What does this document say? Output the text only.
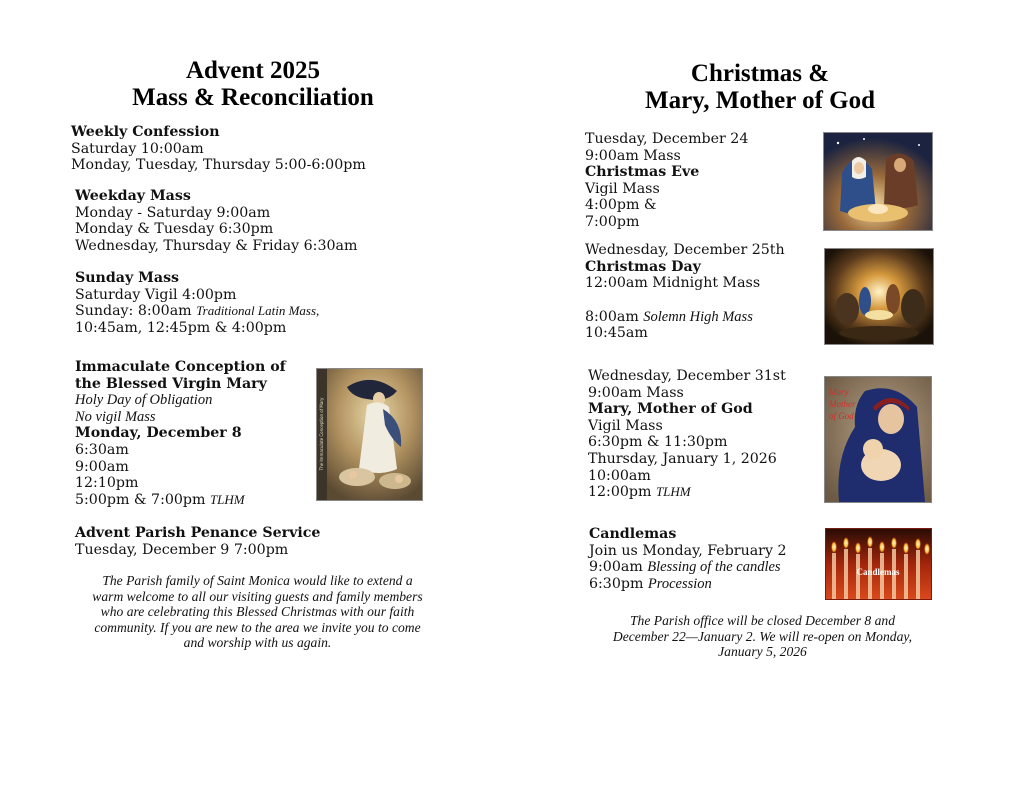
Advent 2025
Mass & Reconciliation
Weekly Confession
Saturday 10:00am
Monday, Tuesday, Thursday 5:00-6:00pm
Weekday Mass
Monday - Saturday 9:00am
Monday & Tuesday 6:30pm
Wednesday, Thursday & Friday 6:30am
Sunday Mass
Saturday Vigil 4:00pm
Sunday: 8:00am Traditional Latin Mass,
10:45am, 12:45pm & 4:00pm
Immaculate Conception of
the Blessed Virgin Mary
Holy Day of Obligation
No vigil Mass
Monday, December 8
6:30am
9:00am
12:10pm
5:00pm & 7:00pm TLHM
The Immaculate Conception of Mary
Advent Parish Penance Service
Tuesday, December 9 7:00pm
The Parish family of Saint Monica would like to extend a
warm welcome to all our visiting guests and family members
who are celebrating this Blessed Christmas with our faith
community. If you are new to the area we invite you to come
and worship with us again.
Christmas &
Mary, Mother of God
Tuesday, December 24
9:00am Mass
Christmas Eve
Vigil Mass
4:00pm &
7:00pm
Wednesday, December 25th
Christmas Day
12:00am Midnight Mass
8:00am Solemn High Mass
10:45am
Wednesday, December 31st
9:00am Mass
Mary, Mother of God
Vigil Mass
6:30pm & 11:30pm
Thursday, January 1, 2026
10:00am
12:00pm TLHM
Mary
Mother
of God
Candlemas
Join us Monday, February 2
9:00am Blessing of the candles
6:30pm Procession
Candlemas
The Parish office will be closed December 8 and
December 22—January 2. We will re-open on Monday,
January 5, 2026
